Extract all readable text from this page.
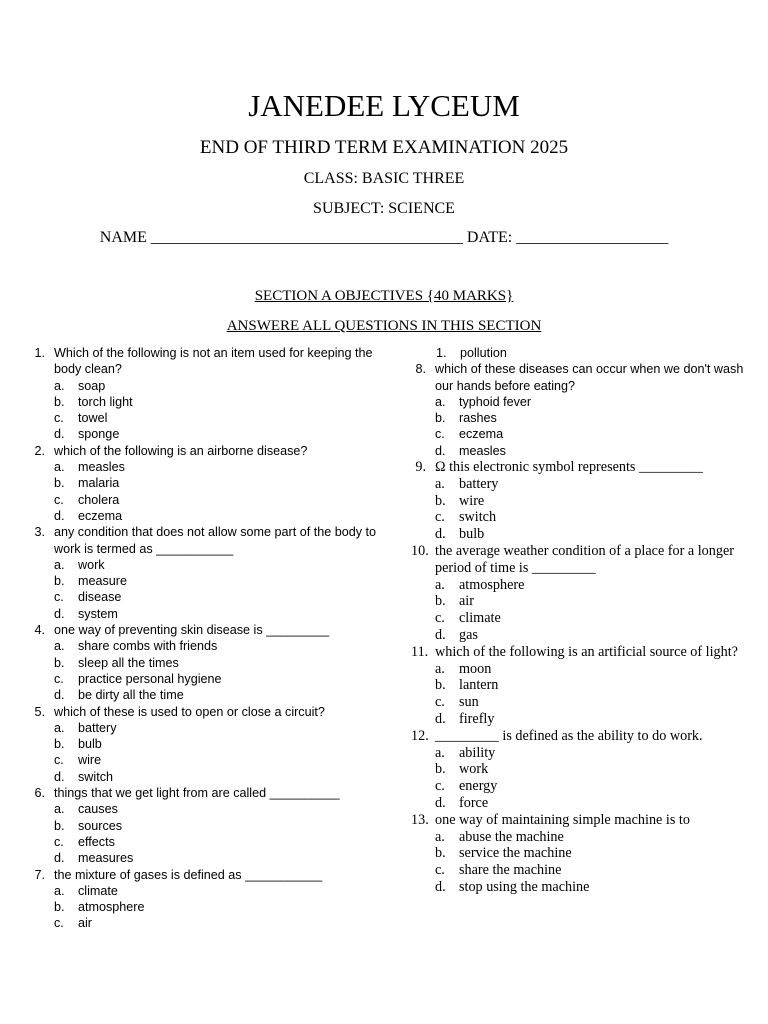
JANEDEE LYCEUM
END OF THIRD TERM EXAMINATION 2025
CLASS: BASIC THREE
SUBJECT: SCIENCE
NAME _______________________________________ DATE: ___________________
SECTION A OBJECTIVES {40 MARKS}
ANSWERE ALL QUESTIONS IN THIS SECTION
1. Which of the following is not an item used for keeping the body clean?
a. soap
b. torch light
c. towel
d. sponge
2. which of the following is an airborne disease?
a. measles
b. malaria
c. cholera
d. eczema
3. any condition that does not allow some part of the body to work is termed as ___________
a. work
b. measure
c. disease
d. system
4. one way of preventing skin disease is _________
a. share combs with friends
b. sleep all the times
c. practice personal hygiene
d. be dirty all the time
5. which of these is used to open or close a circuit?
a. battery
b. bulb
c. wire
d. switch
6. things that we get light from are called __________
a. causes
b. sources
c. effects
d. measures
7. the mixture of gases is defined as ___________
a. climate
b. atmosphere
c. air
1. pollution
8. which of these diseases can occur when we don't wash our hands before eating?
a. typhoid fever
b. rashes
c. eczema
d. measles
9. Ω this electronic symbol represents _________
a. battery
b. wire
c. switch
d. bulb
10. the average weather condition of a place for a longer period of time is _________
a. atmosphere
b. air
c. climate
d. gas
11. which of the following is an artificial source of light?
a. moon
b. lantern
c. sun
d. firefly
12. _________ is defined as the ability to do work.
a. ability
b. work
c. energy
d. force
13. one way of maintaining simple machine is to
a. abuse the machine
b. service the machine
c. share the machine
d. stop using the machine
